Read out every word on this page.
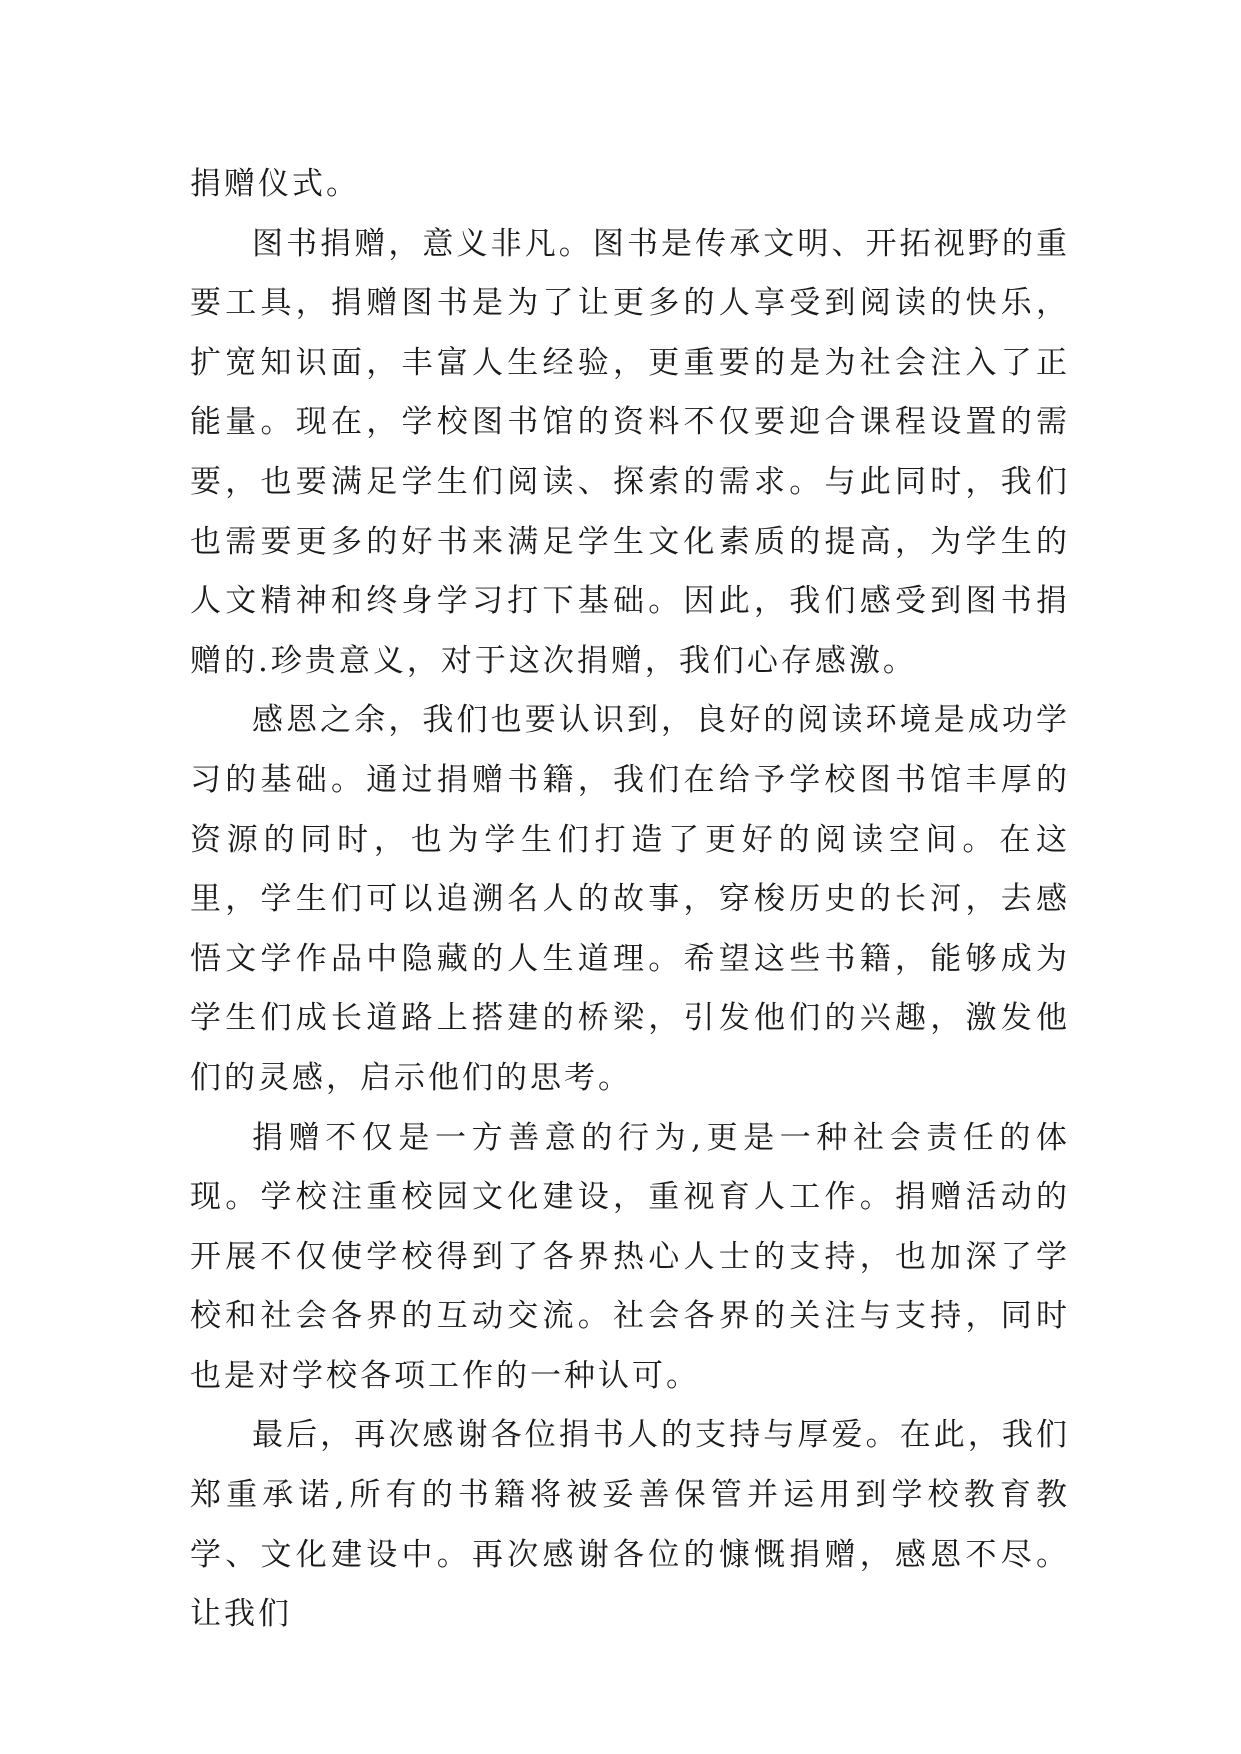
捐赠仪式。

图书捐赠，意义非凡。图书是传承文明、开拓视野的重要工具，捐赠图书是为了让更多的人享受到阅读的快乐，扩宽知识面，丰富人生经验，更重要的是为社会注入了正能量。现在，学校图书馆的资料不仅要迎合课程设置的需要，也要满足学生们阅读、探索的需求。与此同时，我们也需要更多的好书来满足学生文化素质的提高，为学生的人文精神和终身学习打下基础。因此，我们感受到图书捐赠的.珍贵意义，对于这次捐赠，我们心存感激。

感恩之余，我们也要认识到，良好的阅读环境是成功学习的基础。通过捐赠书籍，我们在给予学校图书馆丰厚的资源的同时，也为学生们打造了更好的阅读空间。在这里，学生们可以追溯名人的故事，穿梭历史的长河，去感悟文学作品中隐藏的人生道理。希望这些书籍，能够成为学生们成长道路上搭建的桥梁，引发他们的兴趣，激发他们的灵感，启示他们的思考。

捐赠不仅是一方善意的行为,更是一种社会责任的体现。学校注重校园文化建设，重视育人工作。捐赠活动的开展不仅使学校得到了各界热心人士的支持，也加深了学校和社会各界的互动交流。社会各界的关注与支持，同时也是对学校各项工作的一种认可。

最后，再次感谢各位捐书人的支持与厚爱。在此，我们郑重承诺,所有的书籍将被妥善保管并运用到学校教育教学、文化建设中。再次感谢各位的慷慨捐赠，感恩不尽。让我们
